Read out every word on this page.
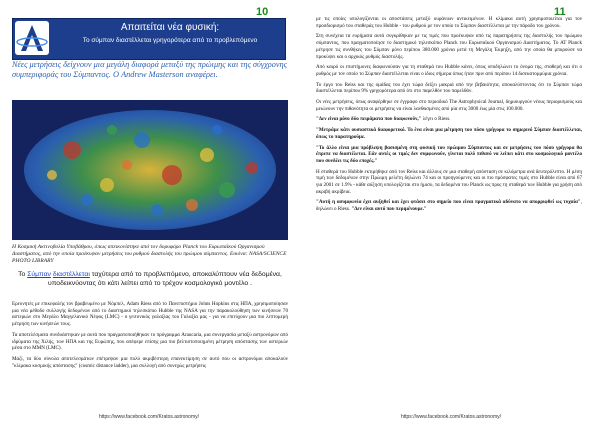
10
Απαιτείται νέα φυσική:
Το σύμπαν διαστέλλεται γρηγορότερα από το προβλεπόμενο

Νέες μετρήσεις δείχνουν μια μεγάλη διαφορά μεταξύ της πρώιμης και της σύγχρονης συμπεριφοράς του Σύμπαντος. Ο Andrew Masterson αναφέρει.

Η Κοσμική Ακτινοβολία Υποβάθρου, όπως απεικονίστηκε από τον δορυφόρο Planck του Ευρωπαϊκού Οργανισμού Διαστήματος, από την οποία προέκυψαν μετρήσεις του ρυθμού διαστολής του πρώιμου σύμπαντος. Εικόνα: NASA/SCIENCE PHOTO LIBRARY

Το Σύμπαν διαστέλλεται ταχύτερα από το προβλεπόμενο, αποκαλύπτουν νέα δεδομένα, υποδεικνύοντας ότι κάτι λείπει από το τρέχον κοσμολογικό μοντέλο .

Ερευνητές με επικεφαλής τον βραβευμένο με Νόμπελ, Adam Riess από το Πανεπιστήμιο Johns Hopkins στις ΗΠΑ, χρησιμοποίησαν μια νέα μέθοδο συλλογής δεδομένων από το διαστημικό τηλεσκόπιο Hubble της NASA για την παρακολούθηση των κινήσεων 70 αστεριών στο Μεγάλο Μαγγελανικό Νέφος (LMC) - ο γειτονικός γαλαξίας του Γαλαξία μας - για να επιτύχουν μια πιο λεπτομερή μέτρηση των κινήσεών τους.

Τα αποτελέσματα συνδυάστηκαν με αυτά που πραγματοποιήθηκαν το πρόγραμμα Araucaria, μια συνεργασία μεταξύ αστρονόμων από ιδρύματα της Χιλής, των ΗΠΑ και της Ευρώπης, που απέφερε επίσης μια πιο βελτιστοποιημένη μέτρηση απόστασης των αστεριών μέσα στο ΜΜΝ (LMC).

Μαζί, τα δύο σύνολα αποτελεσμάτων επέτρεψαν μια πολύ ακριβέστερη επανεκτίμηση σε αυτό που οι αστρονόμοι αποκαλούν "κλίμακα κοσμικής απόστασης" (cosmic distance ladder), μια συλλογή από συνεχώς μετρήσεις

https://www.facebook.com/Kratos.astronomy/
11

με τις οποίες υπολογίζονται οι αποστάσεις μεταξύ ουράνιων αντικειμένων. Η κλίμακα αυτή χρησιμοποιείται για τον προσδιορισμό του σταθεράς του Hubble - του ρυθμού με τον οποίο το Σύμπαν διαστέλλεται με την πάροδο του χρόνου.

Στη συνέχεια τα ευρήματα αυτά συγκρίθηκαν με τις τιμές που προέκυψαν από τις παρατηρήσεις της διαστολής του πρώιμου σύμπαντος, που πραγματοποίησε το διαστημικό τηλεσκόπιο Planck του Ευρωπαϊκού Οργανισμού Διαστήματος. Το ΑΤ Planck μέτρησε τις συνθήκες του Σύμπαν μόνο περίπου 380.000 χρόνια μετά τη Μεγάλη Έκρηξη, από την οποία θα μπορούσε να προκύψει και ο αρχικός ρυθμός διαστολής.

Από καιρό οι επιστήμονες διαφωνούσαν για τη σταθερά του Hubble κάνει, όπως υποδηλώνει το όνομα της, σταθερή και ότι ο ρυθμός με τον οποίο το Σύμπαν διαστέλλεται είναι ο ίδιος σήμερα όπως ήταν πριν από περίπου 14 δισεκατομμύρια χρόνια.

Το έργο του Reiss και της ομάδας του έχει τώρα δείξει μακριά από την βεβαιότητα, αποκαλύπτοντας ότι το Σύμπαν τώρα διαστέλλεται περίπου 9% γρηγορότερα από ότι στο παρελθόν του παρελθόν.

Οι νέες μετρήσεις, όπως αναφέρθηκε σε έγγραφο στο περιοδικό The Astrophysical Journal, δημιουργούν νέους περιορισμούς και μειώνουν την πιθανότητα οι μετρήσεις να είναι λανθασμένες από μία στις 3000 έως μία στις 100.000.

"Δεν είναι μόνο δύο πειράματα που διαφωνούν," λέγει ο Riess.

"Μετράμε κάτι ουσιαστικά διαφορετικό. Το ένα είναι μια μέτρηση του πόσο γρήγορα το σημερινό Σύμπαν διαστέλλεται, όπως το παρατηρούμε.

"Το άλλο είναι μια πρόβλεψη βασισμένη στη φυσική του πρώιμου Σύμπαντος και σε μετρήσεις του πόσο γρήγορα θα έπρεπε να διαστέλεται. Εάν αυτές οι τιμές δεν συμφωνούν, γίνεται πολύ πιθανό να λείπει κάτι στο κοσμολογικό μοντέλο που συνδέει τις δύο εποχές."

Η σταθερά του Hubble εκτιμήθηκε από τον Reiss και άλλους σε μια σταθερή απόσταση σε κιλόμετρα ανά δευτερόλεπτο. Η μέση τιμή των δεδομένων στην Πρώιμη μελέτη δηλώνει 74 και οι προηγούμενες και οι πιο πρόσφατες τιμές στο Hubble είναι από 67 για 2001 σε 1.9% - κάθε αύξηση υπολογίζεται στο ήμισυ, τα δεδομένα του Planck ως προς τη σταθερά των Hubble για χρήση από ακριβή ακρίβεια.

"Αυτή η ασυμφωνία έχει αυξηθεί και έχει φτάσει στο σημείο που είναι πραγματικά αδύνατο να απορριφθεί ως τυχαία", δηλώνει ο Riess. "Δεν είναι αυτό που περιμένουμε."

https://www.facebook.com/Kratos.astronomy/
